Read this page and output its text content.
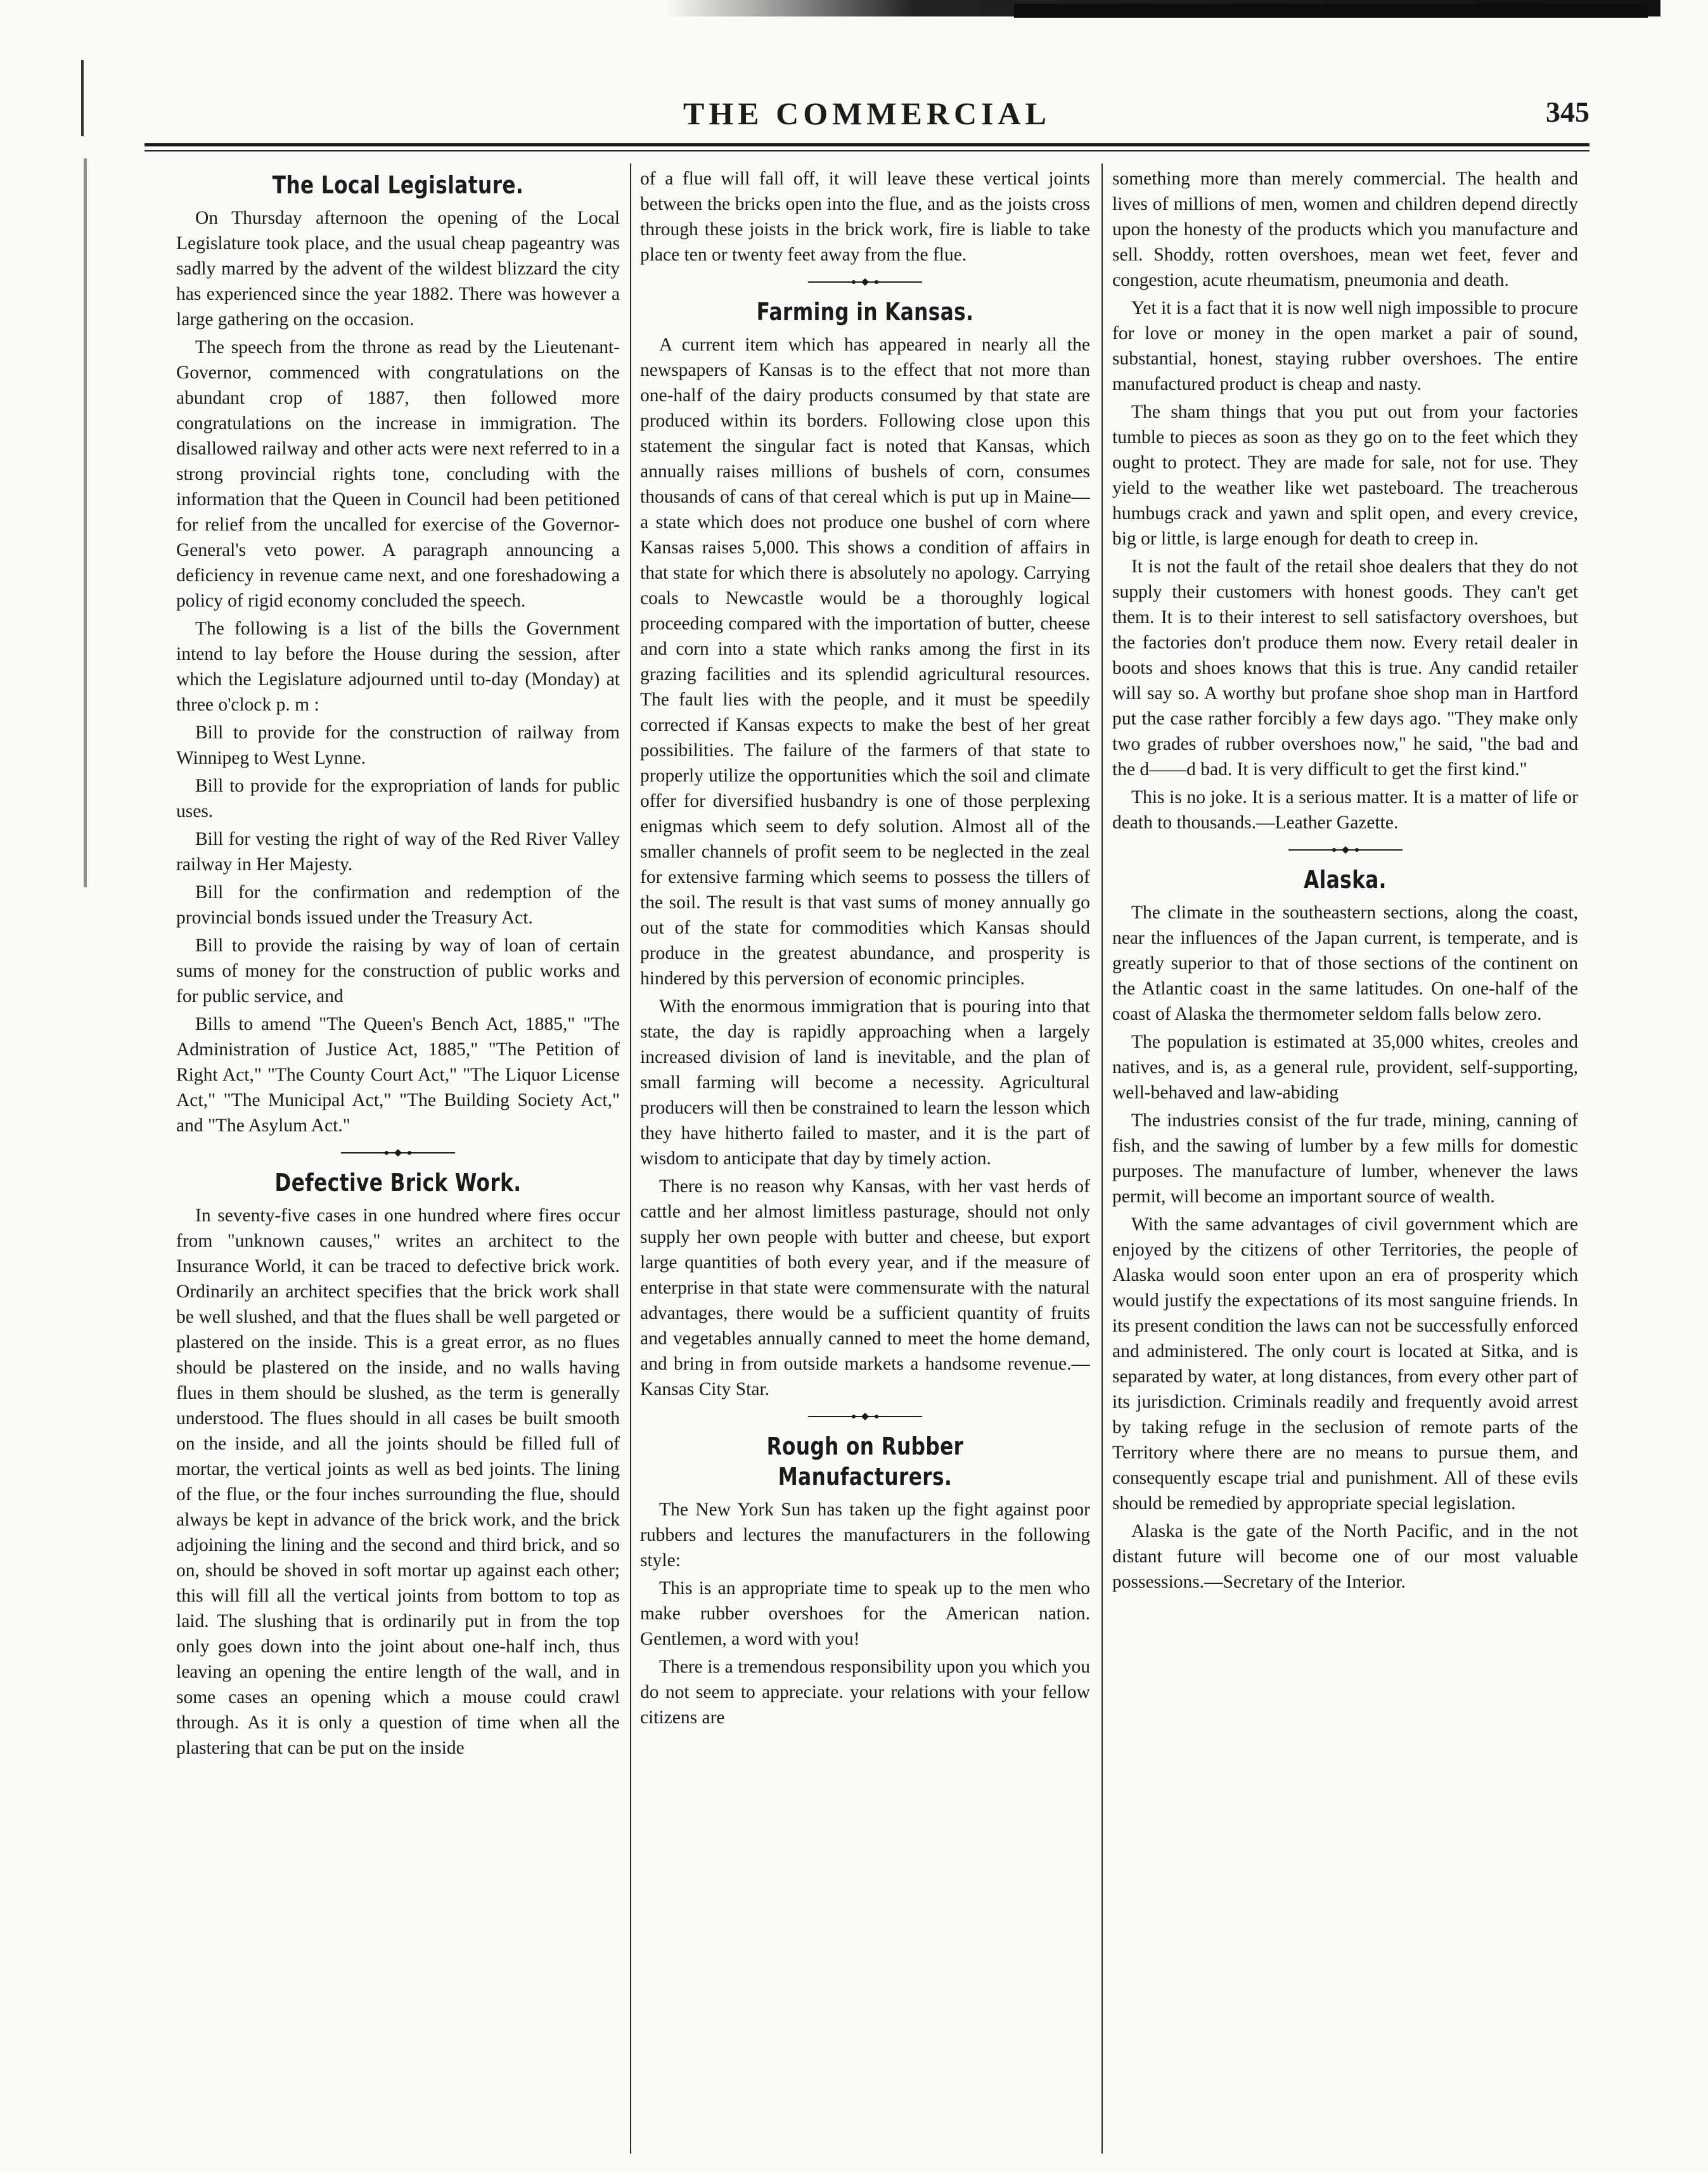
THE COMMERCIAL	345
The Local Legislature.

On Thursday afternoon the opening of the Local Legislature took place, and the usual cheap pageantry was sadly marred by the advent of the wildest blizzard the city has experienced since the year 1882. There was however a large gathering on the occasion.

The speech from the throne as read by the Lieutenant-Governor, commenced with congratulations on the abundant crop of 1887, then followed more congratulations on the increase in immigration. The disallowed railway and other acts were next referred to in a strong provincial rights tone, concluding with the information that the Queen in Council had been petitioned for relief from the uncalled for exercise of the Governor-General's veto power. A paragraph announcing a deficiency in revenue came next, and one foreshadowing a policy of rigid economy concluded the speech.

The following is a list of the bills the Government intend to lay before the House during the session, after which the Legislature adjourned until to-day (Monday) at three o'clock p. m :

Bill to provide for the construction of railway from Winnipeg to West Lynne.

Bill to provide for the expropriation of lands for public uses.

Bill for vesting the right of way of the Red River Valley railway in Her Majesty.

Bill for the confirmation and redemption of the provincial bonds issued under the Treasury Act.

Bill to provide the raising by way of loan of certain sums of money for the construction of public works and for public service, and

Bills to amend "The Queen's Bench Act, 1885," "The Administration of Justice Act, 1885," "The Petition of Right Act," "The County Court Act," "The Liquor License Act," "The Municipal Act," "The Building Society Act," and "The Asylum Act."

Defective Brick Work.

In seventy-five cases in one hundred where fires occur from "unknown causes," writes an architect to the Insurance World, it can be traced to defective brick work. Ordinarily an architect specifies that the brick work shall be well slushed, and that the flues shall be well pargeted or plastered on the inside. This is a great error, as no flues should be plastered on the inside, and no walls having flues in them should be slushed, as the term is generally understood. The flues should in all cases be built smooth on the inside, and all the joints should be filled full of mortar, the vertical joints as well as bed joints. The lining of the flue, or the four inches surrounding the flue, should always be kept in advance of the brick work, and the brick adjoining the lining and the second and third brick, and so on, should be shoved in soft mortar up against each other; this will fill all the vertical joints from bottom to top as laid. The slushing that is ordinarily put in from the top only goes down into the joint about one-half inch, thus leaving an opening the entire length of the wall, and in some cases an opening which a mouse could crawl through. As it is only a question of time when all the plastering that can be put on the inside

of a flue will fall off, it will leave these vertical joints between the bricks open into the flue, and as the joists cross through these joists in the brick work, fire is liable to take place ten or twenty feet away from the flue.

Farming in Kansas.

A current item which has appeared in nearly all the newspapers of Kansas is to the effect that not more than one-half of the dairy products consumed by that state are produced within its borders. Following close upon this statement the singular fact is noted that Kansas, which annually raises millions of bushels of corn, consumes thousands of cans of that cereal which is put up in Maine—a state which does not produce one bushel of corn where Kansas raises 5,000. This shows a condition of affairs in that state for which there is absolutely no apology. Carrying coals to Newcastle would be a thoroughly logical proceeding compared with the importation of butter, cheese and corn into a state which ranks among the first in its grazing facilities and its splendid agricultural resources. The fault lies with the people, and it must be speedily corrected if Kansas expects to make the best of her great possibilities. The failure of the farmers of that state to properly utilize the opportunities which the soil and climate offer for diversified husbandry is one of those perplexing enigmas which seem to defy solution. Almost all of the smaller channels of profit seem to be neglected in the zeal for extensive farming which seems to possess the tillers of the soil. The result is that vast sums of money annually go out of the state for commodities which Kansas should produce in the greatest abundance, and prosperity is hindered by this perversion of economic principles.

With the enormous immigration that is pouring into that state, the day is rapidly approaching when a largely increased division of land is inevitable, and the plan of small farming will become a necessity. Agricultural producers will then be constrained to learn the lesson which they have hitherto failed to master, and it is the part of wisdom to anticipate that day by timely action.

There is no reason why Kansas, with her vast herds of cattle and her almost limitless pasturage, should not only supply her own people with butter and cheese, but export large quantities of both every year, and if the measure of enterprise in that state were commensurate with the natural advantages, there would be a sufficient quantity of fruits and vegetables annually canned to meet the home demand, and bring in from outside markets a handsome revenue.—Kansas City Star.

Rough on Rubber Manufacturers.

The New York Sun has taken up the fight against poor rubbers and lectures the manufacturers in the following style:

This is an appropriate time to speak up to the men who make rubber overshoes for the American nation. Gentlemen, a word with you!

There is a tremendous responsibility upon you which you do not seem to appreciate. your relations with your fellow citizens are

something more than merely commercial. The health and lives of millions of men, women and children depend directly upon the honesty of the products which you manufacture and sell. Shoddy, rotten overshoes, mean wet feet, fever and congestion, acute rheumatism, pneumonia and death.

Yet it is a fact that it is now well nigh impossible to procure for love or money in the open market a pair of sound, substantial, honest, staying rubber overshoes. The entire manufactured product is cheap and nasty.

The sham things that you put out from your factories tumble to pieces as soon as they go on to the feet which they ought to protect. They are made for sale, not for use. They yield to the weather like wet pasteboard. The treacherous humbugs crack and yawn and split open, and every crevice, big or little, is large enough for death to creep in.

It is not the fault of the retail shoe dealers that they do not supply their customers with honest goods. They can't get them. It is to their interest to sell satisfactory overshoes, but the factories don't produce them now. Every retail dealer in boots and shoes knows that this is true. Any candid retailer will say so. A worthy but profane shoe shop man in Hartford put the case rather forcibly a few days ago. "They make only two grades of rubber overshoes now," he said, "the bad and the d——d bad. It is very difficult to get the first kind."

This is no joke. It is a serious matter. It is a matter of life or death to thousands.—Leather Gazette.

Alaska.

The climate in the southeastern sections, along the coast, near the influences of the Japan current, is temperate, and is greatly superior to that of those sections of the continent on the Atlantic coast in the same latitudes. On one-half of the coast of Alaska the thermometer seldom falls below zero.

The population is estimated at 35,000 whites, creoles and natives, and is, as a general rule, provident, self-supporting, well-behaved and law-abiding

The industries consist of the fur trade, mining, canning of fish, and the sawing of lumber by a few mills for domestic purposes. The manufacture of lumber, whenever the laws permit, will become an important source of wealth.

With the same advantages of civil government which are enjoyed by the citizens of other Territories, the people of Alaska would soon enter upon an era of prosperity which would justify the expectations of its most sanguine friends. In its present condition the laws can not be successfully enforced and administered. The only court is located at Sitka, and is separated by water, at long distances, from every other part of its jurisdiction. Criminals readily and frequently avoid arrest by taking refuge in the seclusion of remote parts of the Territory where there are no means to pursue them, and consequently escape trial and punishment. All of these evils should be remedied by appropriate special legislation.

Alaska is the gate of the North Pacific, and in the not distant future will become one of our most valuable possessions.—Secretary of the Interior.
